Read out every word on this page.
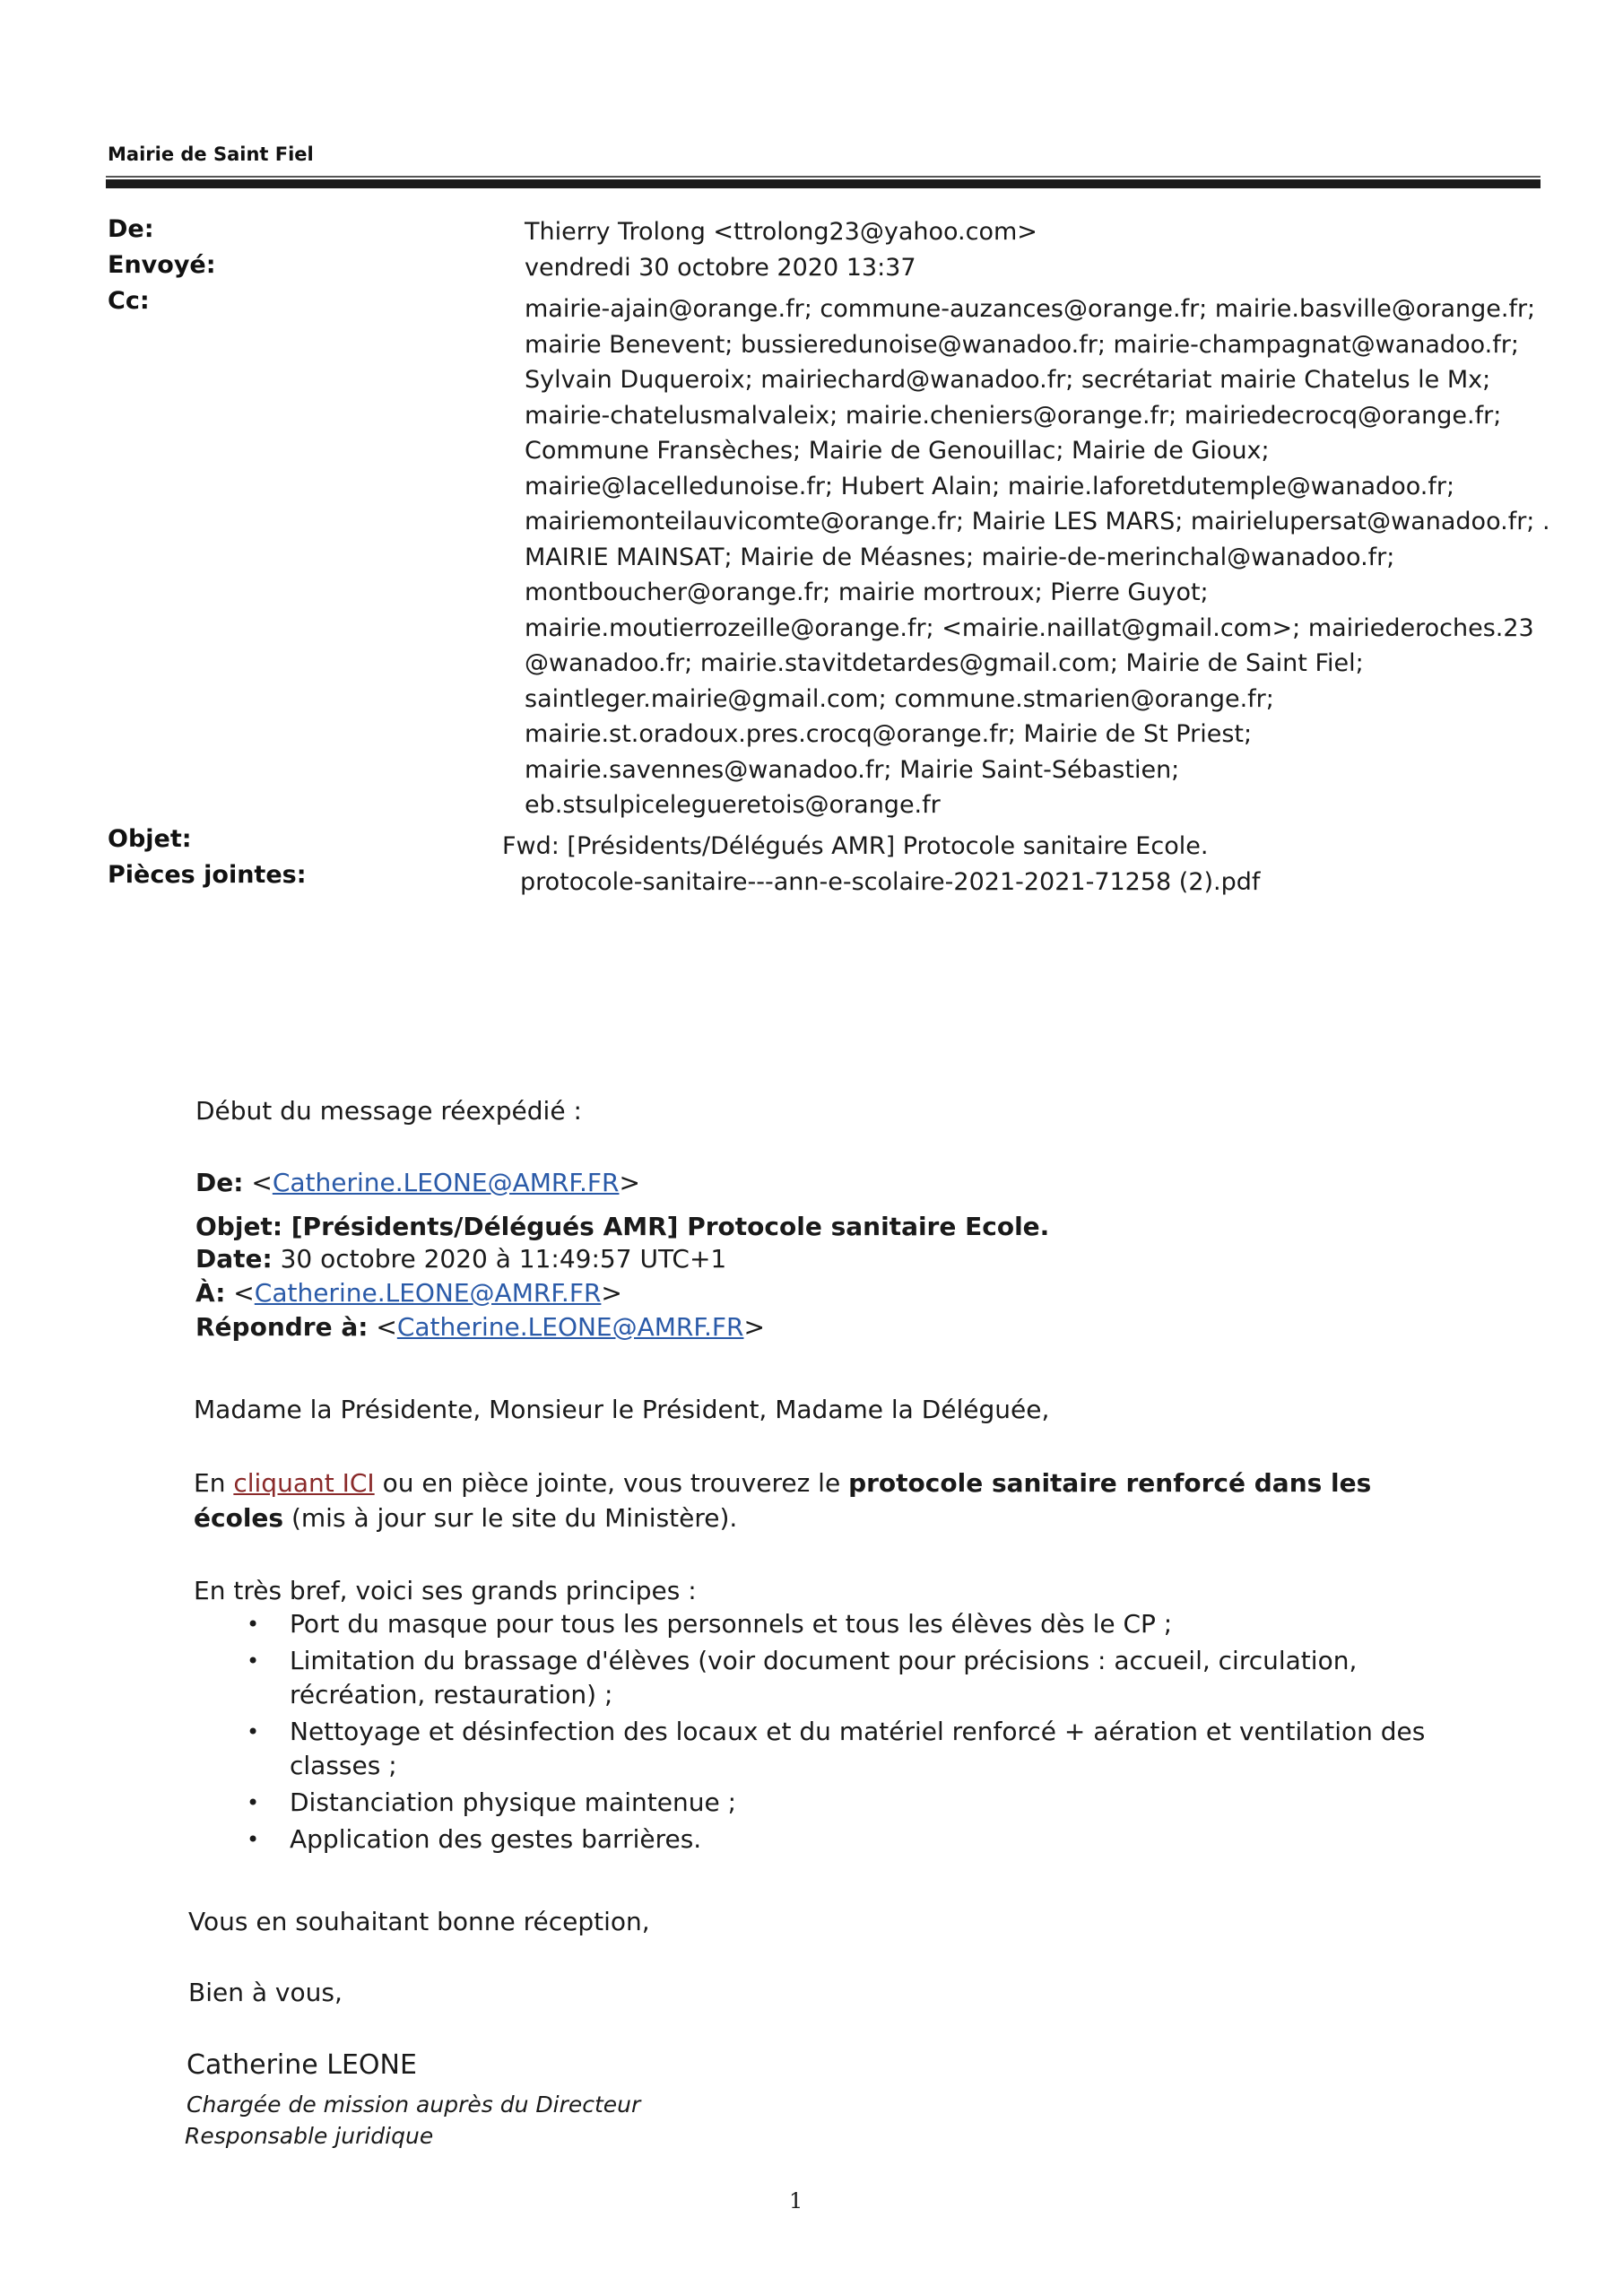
Mairie de Saint Fiel
De:
Envoyé:
Cc:
Objet:
Pièces jointes:
Thierry Trolong <ttrolong23@yahoo.com>
vendredi 30 octobre 2020 13:37
mairie-ajain@orange.fr; commune-auzances@orange.fr; mairie.basville@orange.fr;
mairie Benevent; bussieredunoise@wanadoo.fr; mairie-champagnat@wanadoo.fr;
Sylvain Duqueroix; mairiechard@wanadoo.fr; secrétariat mairie Chatelus le Mx;
mairie-chatelusmalvaleix; mairie.cheniers@orange.fr; mairiedecrocq@orange.fr;
Commune Fransèches; Mairie de Genouillac; Mairie de Gioux;
mairie@lacelledunoise.fr; Hubert Alain; mairie.laforetdutemple@wanadoo.fr;
mairiemonteilauvicomte@orange.fr; Mairie LES MARS; mairielupersat@wanadoo.fr; .
MAIRIE MAINSAT; Mairie de Méasnes; mairie-de-merinchal@wanadoo.fr;
montboucher@orange.fr; mairie mortroux; Pierre Guyot;
mairie.moutierrozeille@orange.fr; <mairie.naillat@gmail.com>; mairiederoches.23
@wanadoo.fr; mairie.stavitdetardes@gmail.com; Mairie de Saint Fiel;
saintleger.mairie@gmail.com; commune.stmarien@orange.fr;
mairie.st.oradoux.pres.crocq@orange.fr; Mairie de St Priest;
mairie.savennes@wanadoo.fr; Mairie Saint-Sébastien;
eb.stsulpicelegueretois@orange.fr
Fwd: [Présidents/Délégués AMR] Protocole sanitaire Ecole.
protocole-sanitaire---ann-e-scolaire-2021-2021-71258 (2).pdf
Début du message réexpédié :
De: <Catherine.LEONE@AMRF.FR>
Objet: [Présidents/Délégués AMR] Protocole sanitaire Ecole.
Date: 30 octobre 2020 à 11:49:57 UTC+1
À: <Catherine.LEONE@AMRF.FR>
Répondre à: <Catherine.LEONE@AMRF.FR>
Madame la Présidente, Monsieur le Président, Madame la Déléguée,
En cliquant ICI ou en pièce jointe, vous trouverez le protocole sanitaire renforcé dans les
écoles (mis à jour sur le site du Ministère).
En très bref, voici ses grands principes :
• Port du masque pour tous les personnels et tous les élèves dès le CP ;
• Limitation du brassage d'élèves (voir document pour précisions : accueil, circulation, récréation, restauration) ;
• Nettoyage et désinfection des locaux et du matériel renforcé + aération et ventilation des classes ;
• Distanciation physique maintenue ;
• Application des gestes barrières.
Vous en souhaitant bonne réception,
Bien à vous,
Catherine LEONE
Chargée de mission auprès du Directeur
Responsable juridique
1
